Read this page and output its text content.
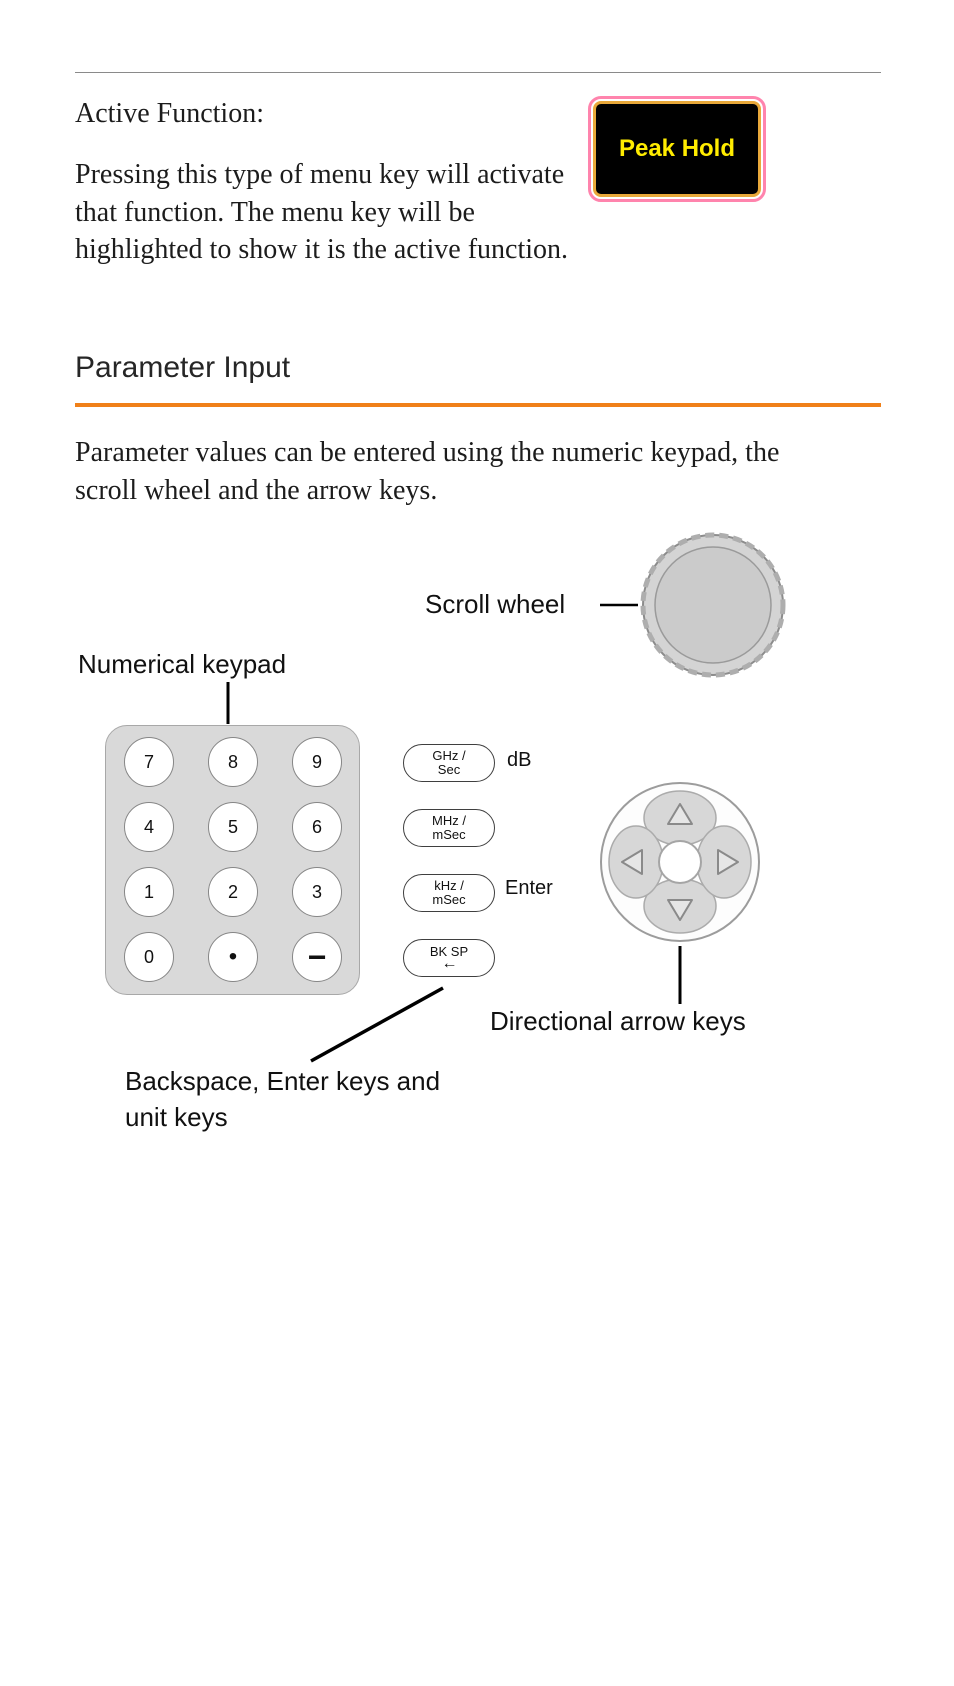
Active Function:
Pressing this type of menu key will activate that function. The menu key will be highlighted to show it is the active function.
Peak Hold
Parameter Input
Parameter values can be entered using the numeric keypad, the scroll wheel and the arrow keys.
Scroll wheel
Numerical keypad
7	8	9
4	5	6
1	2	3
0	•	−
GHz /
Sec
MHz /
mSec
kHz /
mSec
BK SP
←
dB
Enter
Directional arrow keys
Backspace, Enter keys and
unit keys
